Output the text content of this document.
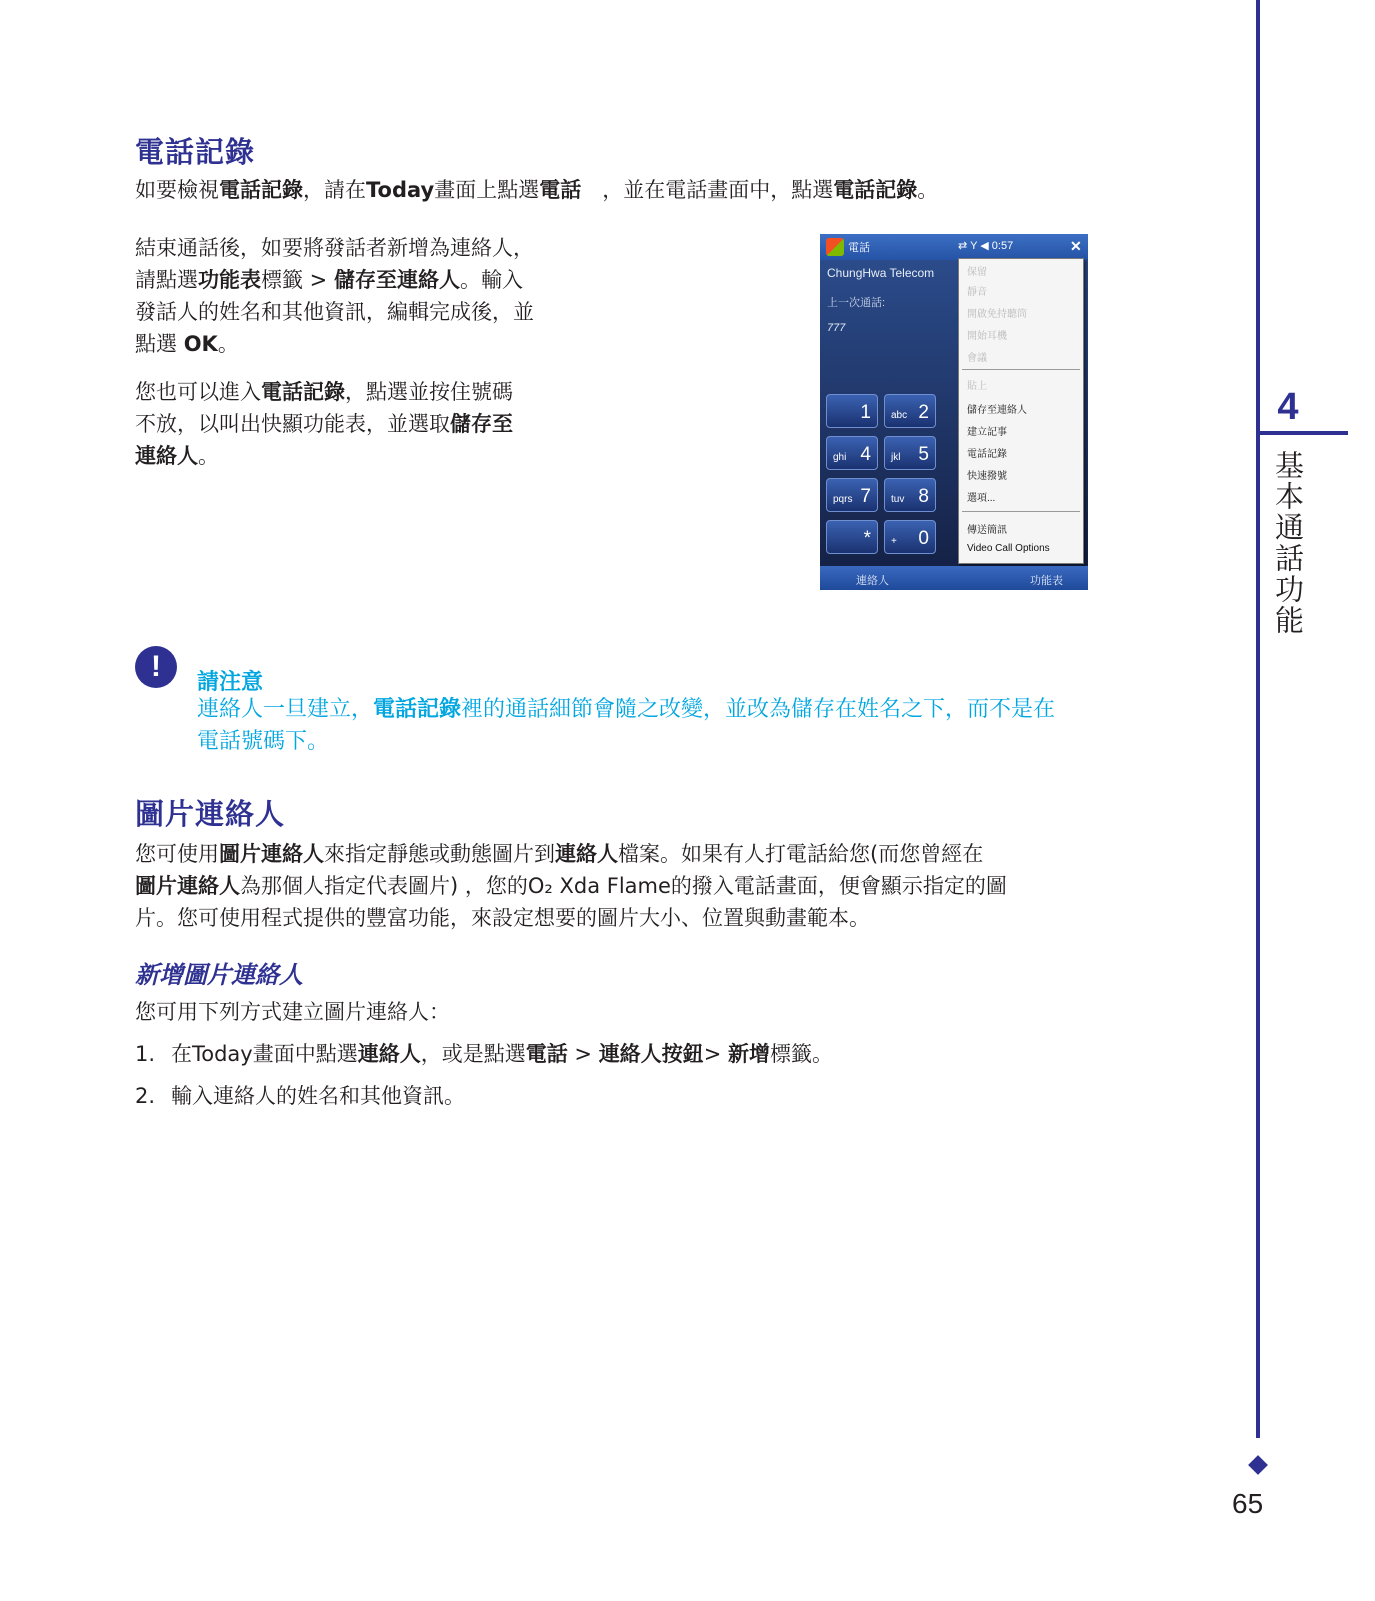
電話記錄
如要檢視電話記錄，請在Today畫面上點選電話　，並在電話畫面中，點選電話記錄。
結束通話後，如要將發話者新增為連絡人，
請點選功能表標籤 > 儲存至連絡人。輸入
發話人的姓名和其他資訊，編輯完成後，並
點選 OK。
您也可以進入電話記錄，點選並按住號碼
不放，以叫出快顯功能表，並選取儲存至
連絡人。
電話	⇄ Y ◀ 0:57	✕
ChungHwa Telecom
上一次通話:
777
1 abc 2
ghi 4 jkl 5
pqrs 7 tuv 8
* + 0
保留
靜音
開啟免持聽筒
開始耳機
會議
貼上
儲存至連絡人
建立記事
電話記錄
快速撥號
選項...
傳送簡訊
Video Call Options
連絡人	功能表
!	請注意
連絡人一旦建立，電話記錄裡的通話細節會隨之改變，並改為儲存在姓名之下，而不是在
電話號碼下。
圖片連絡人
您可使用圖片連絡人來指定靜態或動態圖片到連絡人檔案。如果有人打電話給您(而您曾經在
圖片連絡人為那個人指定代表圖片) ，您的O₂ Xda Flame的撥入電話畫面，便會顯示指定的圖
片。您可使用程式提供的豐富功能，來設定想要的圖片大小、位置與動畫範本。
新增圖片連絡人
您可用下列方式建立圖片連絡人：
1. 在Today畫面中點選連絡人，或是點選電話 > 連絡人按鈕> 新增標籤。
2. 輸入連絡人的姓名和其他資訊。
4
基本通話功能
65
